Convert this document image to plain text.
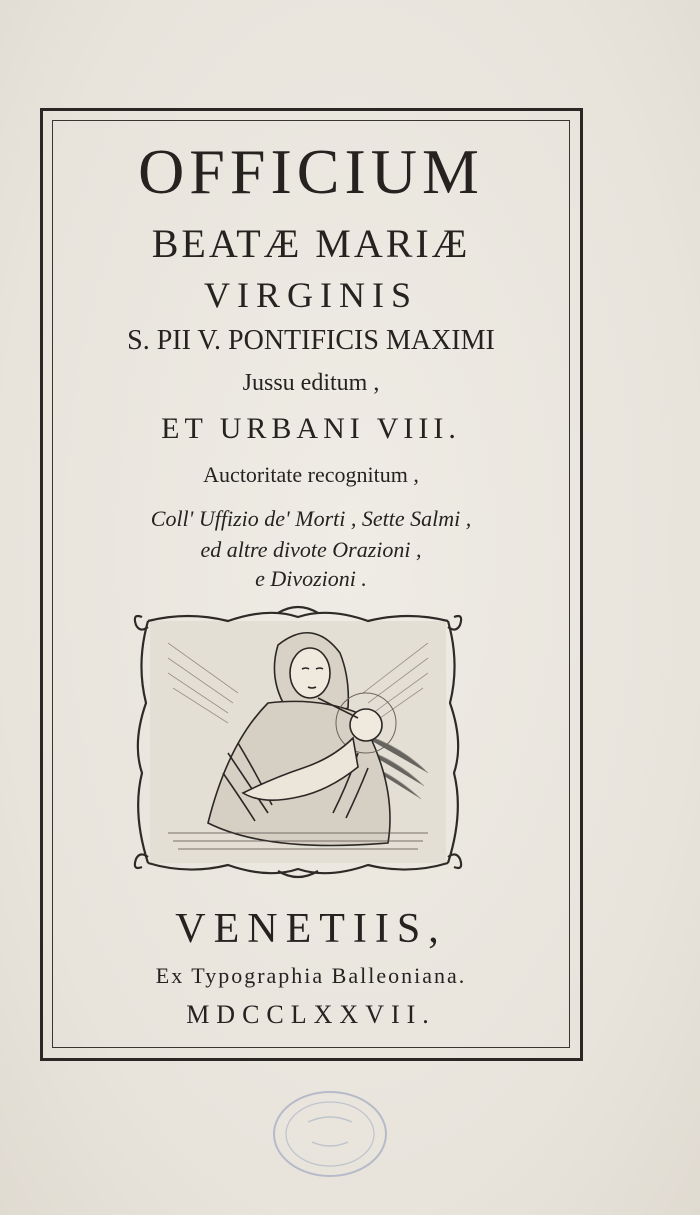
OFFICIUM
BEATÆ MARIÆ
VIRGINIS
S. PII V. PONTIFICIS MAXIMI
Jussu editum ,
ET URBANI VIII.
Auctoritate recognitum ,
Coll' Uffizio de' Morti , Sette Salmi ,
ed altre divote Orazioni ,
e Divozioni .
VENETIIS,
Ex Typographia Balleoniana.
MDCCLXXVII.
